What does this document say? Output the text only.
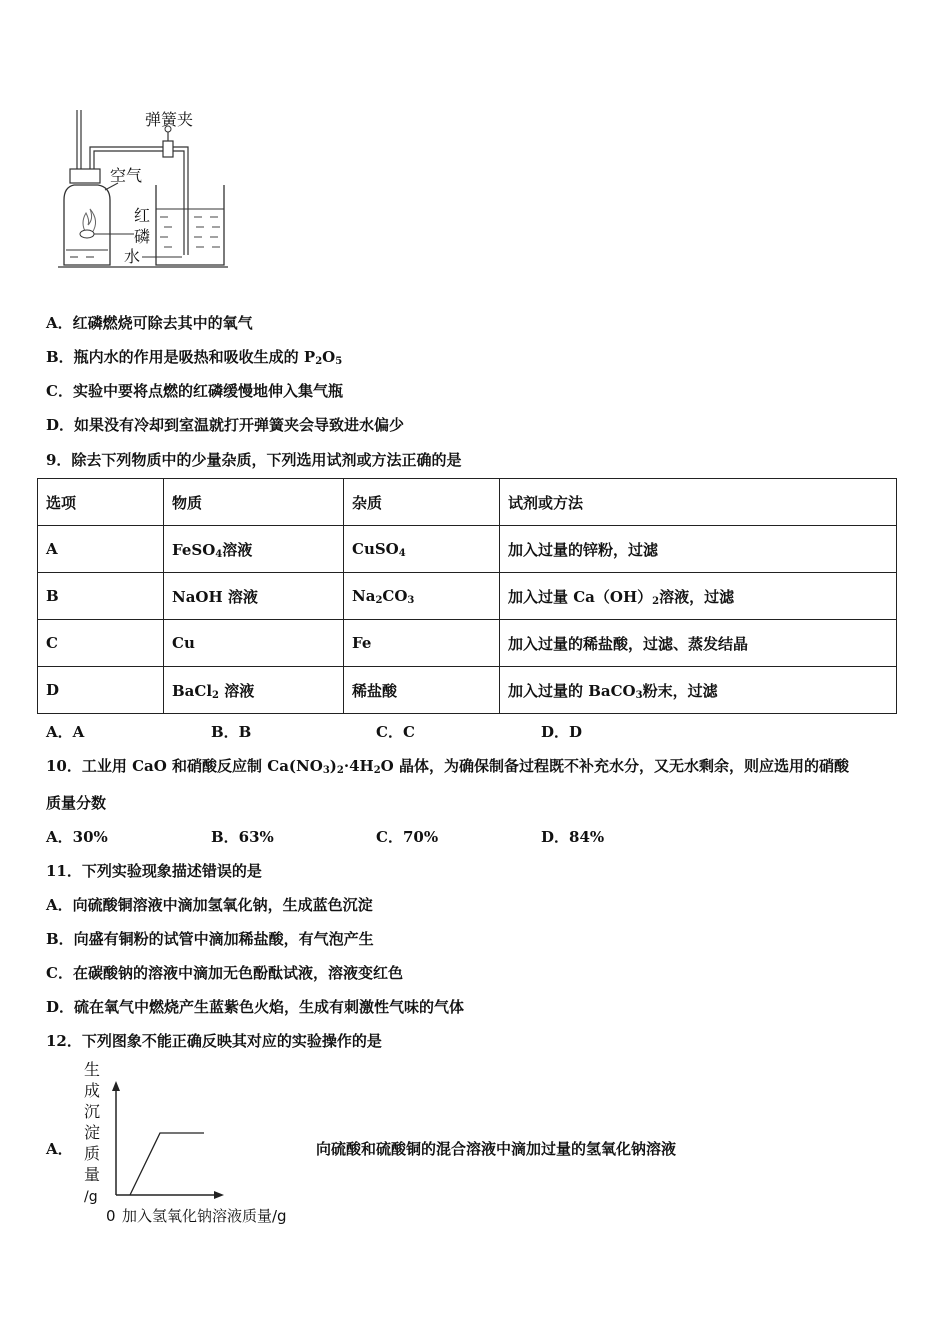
弹簧夹
空气
红
磷
水
A．红磷燃烧可除去其中的氧气
B．瓶内水的作用是吸热和吸收生成的 $P_2O_5$
C．实验中要将点燃的红磷缓慢地伸入集气瓶
D．如果没有冷却到室温就打开弹簧夹会导致进水偏少
9．除去下列物质中的少量杂质，下列选用试剂或方法正确的是
选项	物质	杂质	试剂或方法
A	FeSO$_4$溶液	CuSO$_4$	加入过量的锌粉，过滤
B	NaOH 溶液	$Na_2CO_3$	加入过量 $Ca(OH)_2$溶液，过滤
C	Cu	Fe	加入过量的稀盐酸，过滤、蒸发结晶
D	BaCl$_2$ 溶液	稀盐酸	加入过量的 BaCO$_3$粉末，过滤
A．A	B．B	C．C	D．D
10．工业用 CaO 和硝酸反应制 $Ca(NO_3)_2\cdot 4H_2O$ 晶体，为确保制备过程既不补充水分，又无水剩余，则应选用的硝酸
质量分数
A．30%	B．63%	C．70%	D．84%
11．下列实验现象描述错误的是
A．向硫酸铜溶液中滴加氢氧化钠，生成蓝色沉淀
B．向盛有铜粉的试管中滴加稀盐酸，有气泡产生
C．在碳酸钠的溶液中滴加无色酚酞试液，溶液变红色
D．硫在氧气中燃烧产生蓝紫色火焰，生成有刺激性气味的气体
12．下列图象不能正确反映其对应的实验操作的是
A．	向硫酸和硫酸铜的混合溶液中滴加过量的氢氧化钠溶液
生
成
沉
淀
质
量
/g
0 加入氢氧化钠溶液质量/g
